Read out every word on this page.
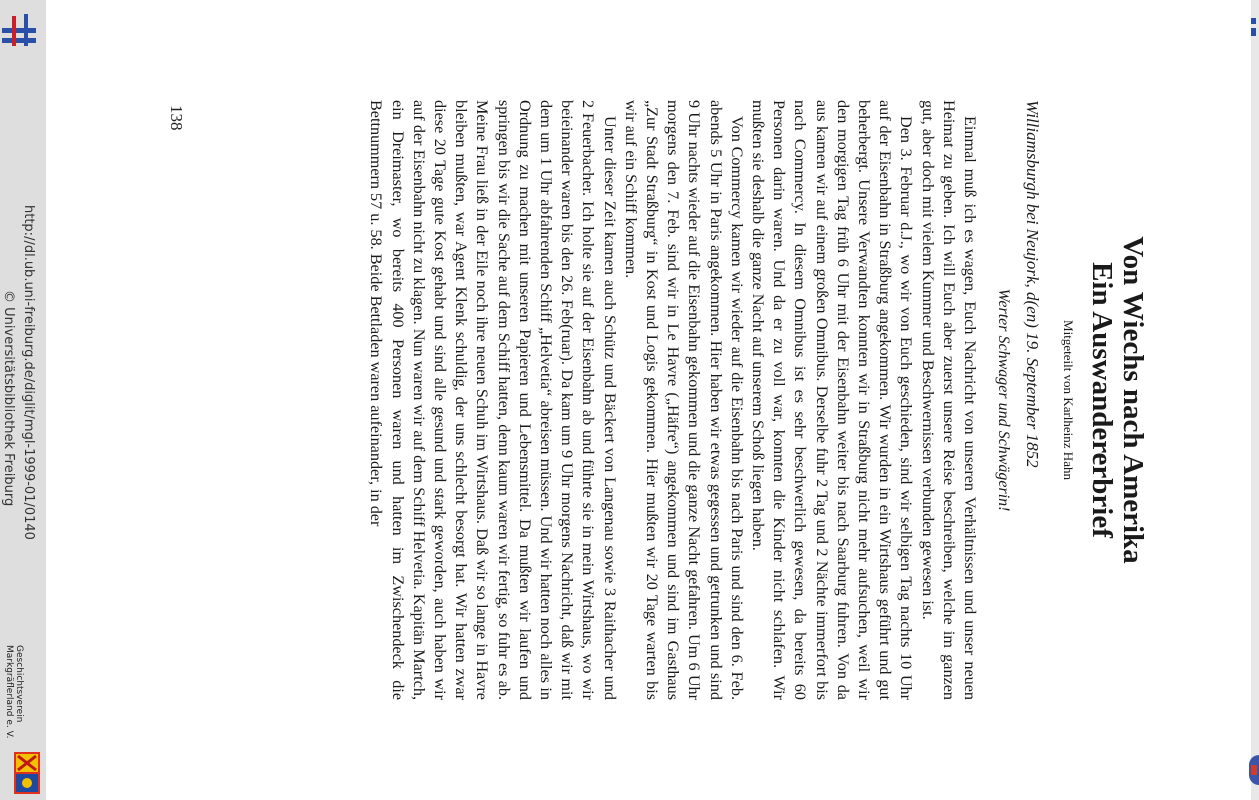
http://dl.ub.uni-freiburg.de/diglit/mgl-1999-01/0140
© Universitätsbibliothek Freiburg
Geschichtsverein
Markgräflerland e. V.
Von Wiechs nach Amerika
Ein Auswandererbrief
Mitgeteilt von Karlheinz Hahn
Williamsburgh bei Neujork, d(en) 19. September 1852
Werter Schwager und Schwägerin!

Einmal muß ich es wagen, Euch Nachricht von unseren Verhältnissen und unser neuen Heimat zu geben. Ich will Euch aber zuerst unsere Reise beschreiben, welche im ganzen gut, aber doch mit vielem Kummer und Beschwernissen verbunden gewesen ist.

Den 3. Februar d.J., wo wir von Euch geschieden, sind wir selbigen Tag nachts 10 Uhr auf der Eisenbahn in Straßburg angekommen. Wir wurden in ein Wirtshaus geführt und gut beherbergt. Unsere Verwandten konnten wir in Straßburg nicht mehr aufsuchen, weil wir den morgigen Tag früh 6 Uhr mit der Eisenbahn weiter bis nach Saarburg fuhren. Von da aus kamen wir auf einem großen Omnibus. Derselbe fuhr 2 Tag und 2 Nächte immerfort bis nach Commercy. In diesem Omnibus ist es sehr beschwerlich gewesen, da bereits 60 Personen darin waren. Und da er zu voll war, konnten die Kinder nicht schlafen. Wir mußten sie deshalb die ganze Nacht auf unserem Schoß liegen haben.

Von Commercy kamen wir wieder auf die Eisenbahn bis nach Paris und sind den 6. Feb. abends 5 Uhr in Paris angekommen. Hier haben wir etwas gegessen und getrunken und sind 9 Uhr nachts wieder auf die Eisenbahn gekommen und die ganze Nacht gefahren. Um 6 Uhr morgens den 7. Feb. sind wir in Le Havre („Häfre“) angekommen und sind im Gasthaus „Zur Stadt Straßburg“ in Kost und Logis gekommen. Hier mußten wir 20 Tage warten bis wir auf ein Schiff kommen.

Unter dieser Zeit kamen auch Schütz und Bäckert von Langenau sowie 3 Raithacher und 2 Feuerbacher. Ich holte sie auf der Eisenbahn ab und führte sie in mein Wirtshaus, wo wir beieinander waren bis den 26. Feb(ruar). Da kam um 9 Uhr morgens Nachricht, daß wir mit dem um 1 Uhr abfahrenden Schiff „Helvetia“ abreisen müssen. Und wir hatten noch alles in Ordnung zu machen mit unseren Papieren und Lebensmittel. Da mußten wir laufen und springen bis wir die Sache auf dem Schiff hatten, denn kaum waren wir fertig, so fuhr es ab. Meine Frau ließ in der Eile noch ihre neuen Schuh im Wirtshaus. Daß wir so lange in Havre bleiben mußten, war Agent Klenk schuldig, der uns schlecht besorgt hat. Wir hatten zwar diese 20 Tage gute Kost gehabt und sind alle gesund und stark geworden, auch haben wir auf der Eisenbahn nicht zu klagen. Nun waren wir auf dem Schiff Helvetia. Kapitän Martch, ein Dreimaster, wo bereits 400 Personen waren und hatten im Zwischendeck die Bettnummern 57 u. 58. Beide Bettladen waren aufeinander, in der

138
